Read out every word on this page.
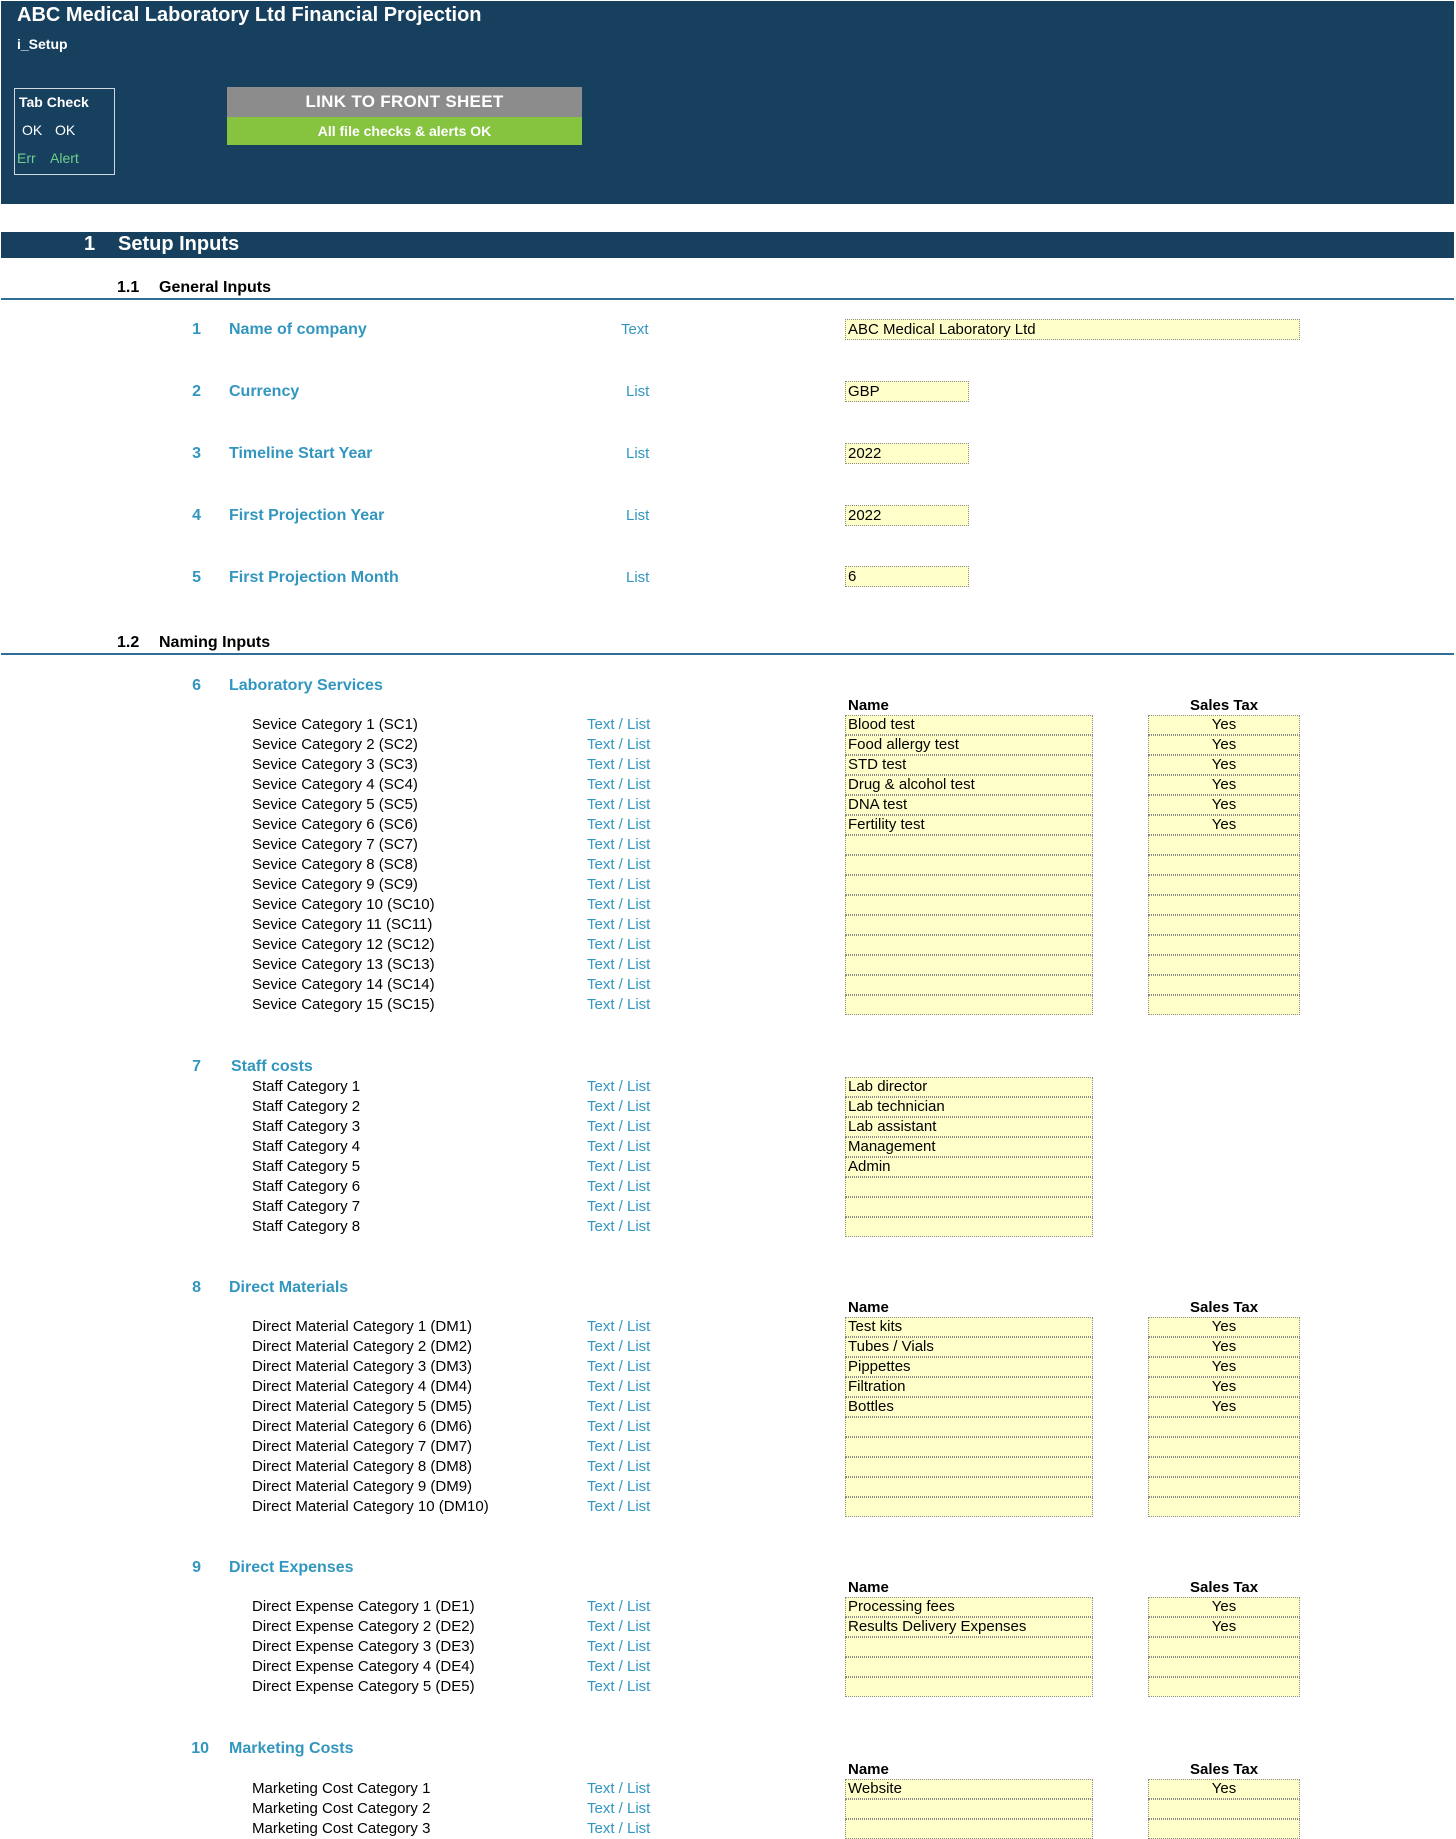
ABC Medical Laboratory Ltd Financial Projection
i_Setup
Tab Check
OK OK
Err Alert
LINK TO FRONT SHEET
All file checks & alerts OK
1 Setup Inputs
1.1 General Inputs
1 Name of company	Text	ABC Medical Laboratory Ltd
2 Currency	List	GBP
3 Timeline Start Year	List	2022
4 First Projection Year	List	2022
5 First Projection Month	List	6
1.2 Naming Inputs
6 Laboratory Services
Name	Sales Tax
Sevice Category 1 (SC1)	Text / List	Blood test	Yes
Sevice Category 2 (SC2)	Text / List	Food allergy test	Yes
Sevice Category 3 (SC3)	Text / List	STD test	Yes
Sevice Category 4 (SC4)	Text / List	Drug & alcohol test	Yes
Sevice Category 5 (SC5)	Text / List	DNA test	Yes
Sevice Category 6 (SC6)	Text / List	Fertility test	Yes
Sevice Category 7 (SC7)	Text / List
Sevice Category 8 (SC8)	Text / List
Sevice Category 9 (SC9)	Text / List
Sevice Category 10 (SC10)	Text / List
Sevice Category 11 (SC11)	Text / List
Sevice Category 12 (SC12)	Text / List
Sevice Category 13 (SC13)	Text / List
Sevice Category 14 (SC14)	Text / List
Sevice Category 15 (SC15)	Text / List
7 Staff costs
Staff Category 1	Text / List	Lab director
Staff Category 2	Text / List	Lab technician
Staff Category 3	Text / List	Lab assistant
Staff Category 4	Text / List	Management
Staff Category 5	Text / List	Admin
Staff Category 6	Text / List
Staff Category 7	Text / List
Staff Category 8	Text / List
8 Direct Materials
Name	Sales Tax
Direct Material Category 1 (DM1)	Text / List	Test kits	Yes
Direct Material Category 2 (DM2)	Text / List	Tubes / Vials	Yes
Direct Material Category 3 (DM3)	Text / List	Pippettes	Yes
Direct Material Category 4 (DM4)	Text / List	Filtration	Yes
Direct Material Category 5 (DM5)	Text / List	Bottles	Yes
Direct Material Category 6 (DM6)	Text / List
Direct Material Category 7 (DM7)	Text / List
Direct Material Category 8 (DM8)	Text / List
Direct Material Category 9 (DM9)	Text / List
Direct Material Category 10 (DM10)	Text / List
9 Direct Expenses
Name	Sales Tax
Direct Expense Category 1 (DE1)	Text / List	Processing fees	Yes
Direct Expense Category 2 (DE2)	Text / List	Results Delivery Expenses	Yes
Direct Expense Category 3 (DE3)	Text / List
Direct Expense Category 4 (DE4)	Text / List
Direct Expense Category 5 (DE5)	Text / List
10 Marketing Costs
Name	Sales Tax
Marketing Cost Category 1	Text / List	Website	Yes
Marketing Cost Category 2	Text / List
Marketing Cost Category 3	Text / List
